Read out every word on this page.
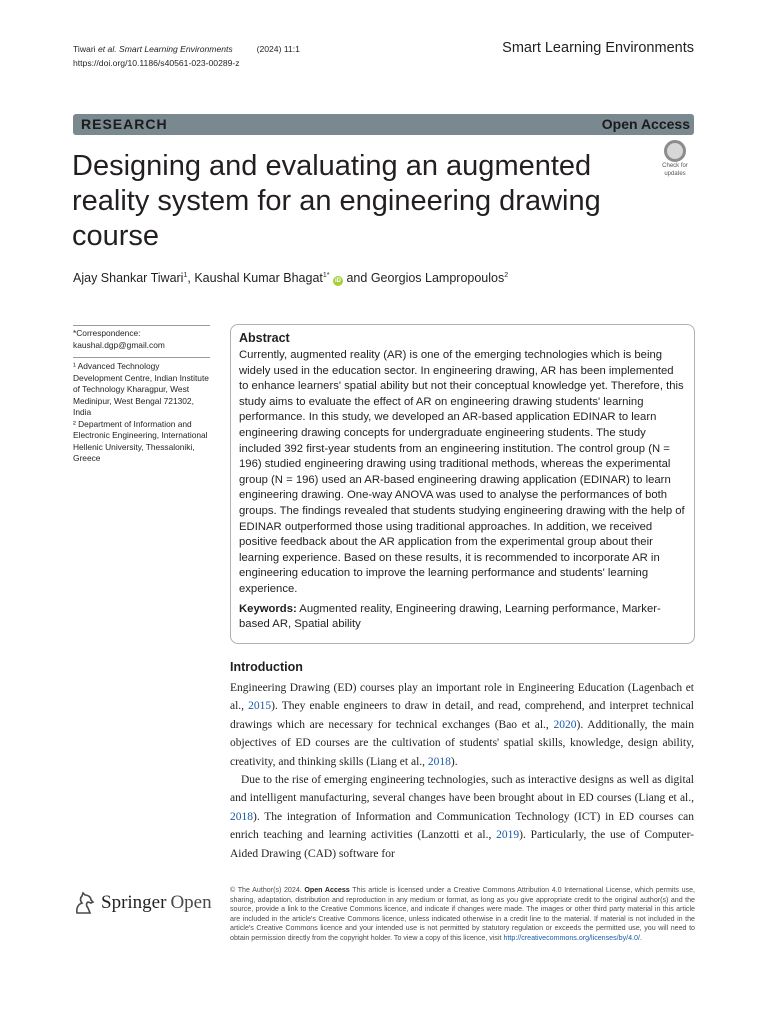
Tiwari et al. Smart Learning Environments	(2024) 11:1
https://doi.org/10.1186/s40561-023-00289-z
Smart Learning Environments
RESEARCH	Open Access
Designing and evaluating an augmented reality system for an engineering drawing course
Check for
updates
Ajay Shankar Tiwari$^1$, Kaushal Kumar Bhagat$^{1*}$ iD and Georgios Lampropoulos$^2$

*Correspondence:

kaushal.dgp@gmail.com

¹ Advanced Technology Development Centre, Indian Institute of Technology Kharagpur, West Medinipur, West Bengal 721302, India

² Department of Information and Electronic Engineering, International Hellenic University, Thessaloniki, Greece

Abstract

Currently, augmented reality (AR) is one of the emerging technologies which is being widely used in the education sector. In engineering drawing, AR has been implemented to enhance learners' spatial ability but not their conceptual knowledge yet. Therefore, this study aims to evaluate the effect of AR on engineering drawing students' learning performance. In this study, we developed an AR-based application EDINAR to learn engineering drawing concepts for undergraduate engineering students. The study included 392 first-year students from an engineering institution. The control group (N = 196) studied engineering drawing using traditional methods, whereas the experimental group (N = 196) used an AR-based engineering drawing application (EDINAR) to learn engineering drawing. One-way ANOVA was used to analyse the performances of both groups. The findings revealed that students studying engineering drawing with the help of EDINAR outperformed those using traditional approaches. In addition, we received positive feedback about the AR application from the experimental group about their learning experience. Based on these results, it is recommended to incorporate AR in engineering education to improve the learning performance and students' learning experience.

Keywords: Augmented reality, Engineering drawing, Learning performance, Marker-based AR, Spatial ability
Introduction

Engineering Drawing (ED) courses play an important role in Engineering Education (Lagenbach et al., 2015). They enable engineers to draw in detail, and read, comprehend, and interpret technical drawings which are necessary for technical exchanges (Bao et al., 2020). Additionally, the main objectives of ED courses are the cultivation of students' spatial skills, knowledge, design ability, creativity, and thinking skills (Liang et al., 2018).

Due to the rise of emerging engineering technologies, such as interactive designs as well as digital and intelligent manufacturing, several changes have been brought about in ED courses (Liang et al., 2018). The integration of Information and Communication Technology (ICT) in ED courses can enrich teaching and learning activities (Lanzotti et al., 2019). Particularly, the use of Computer-Aided Drawing (CAD) software for

Springer Open
© The Author(s) 2024. Open Access This article is licensed under a Creative Commons Attribution 4.0 International License, which permits use, sharing, adaptation, distribution and reproduction in any medium or format, as long as you give appropriate credit to the original author(s) and the source, provide a link to the Creative Commons licence, and indicate if changes were made. The images or other third party material in this article are included in the article's Creative Commons licence, unless indicated otherwise in a credit line to the material. If material is not included in the article's Creative Commons licence and your intended use is not permitted by statutory regulation or exceeds the permitted use, you will need to obtain permission directly from the copyright holder. To view a copy of this licence, visit http://creativecommons.org/licenses/by/4.0/.
